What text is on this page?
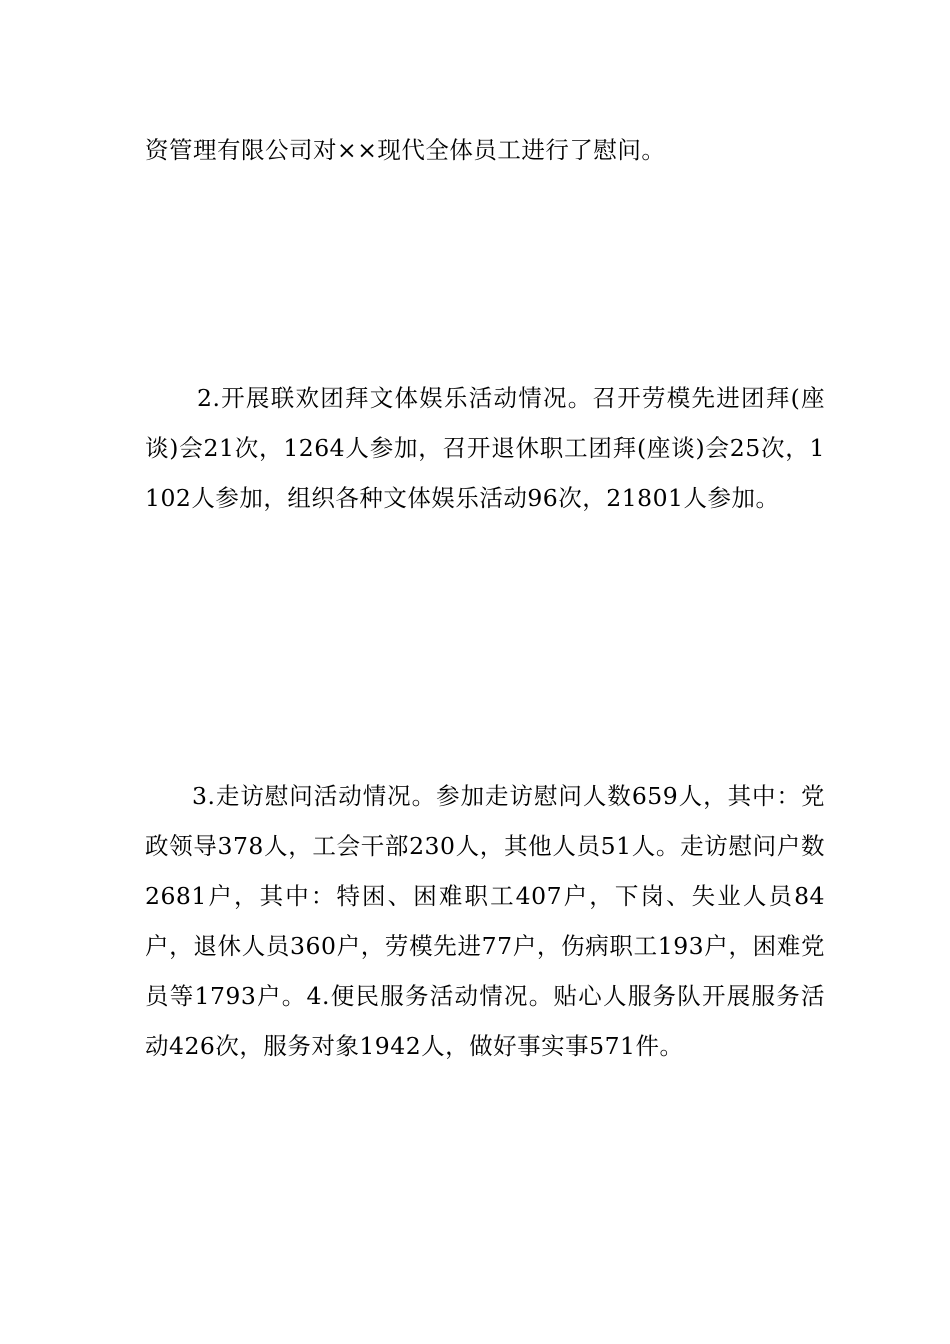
资管理有限公司对××现代全体员工进行了慰问。

2.开展联欢团拜文体娱乐活动情况。召开劳模先进团拜(座谈)会21次，1264人参加，召开退休职工团拜(座谈)会25次，1102人参加，组织各种文体娱乐活动96次，21801人参加。

3.走访慰问活动情况。参加走访慰问人数659人，其中：党政领导378人，工会干部230人，其他人员51人。走访慰问户数2681户，其中：特困、困难职工407户，下岗、失业人员84户，退休人员360户，劳模先进77户，伤病职工193户，困难党员等1793户。4.便民服务活动情况。贴心人服务队开展服务活动426次，服务对象1942人，做好事实事571件。
